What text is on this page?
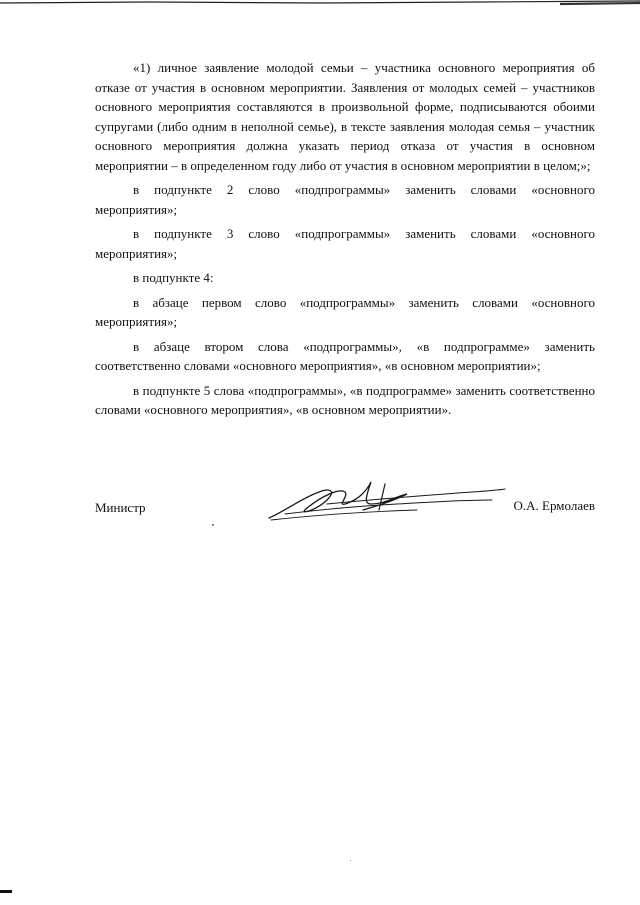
«1) личное заявление молодой семьи – участника основного мероприятия об отказе от участия в основном мероприятии. Заявления от молодых семей – участников основного мероприятия составляются в произвольной форме, подписываются обоими супругами (либо одним в неполной семье), в тексте заявления молодая семья – участник основного мероприятия должна указать период отказа от участия в основном мероприятии – в определенном году либо от участия в основном мероприятии в целом;»;

в подпункте 2 слово «подпрограммы» заменить словами «основного мероприятия»;

в подпункте 3 слово «подпрограммы» заменить словами «основного мероприятия»;

в подпункте 4:

в абзаце первом слово «подпрограммы» заменить словами «основного мероприятия»;

в абзаце втором слова «подпрограммы», «в подпрограмме» заменить соответственно словами «основного мероприятия», «в основном мероприятии»;

в подпункте 5 слова «подпрограммы», «в подпрограмме» заменить соответственно словами «основного мероприятия», «в основном мероприятии».

Министр	О.А. Ермолаев
